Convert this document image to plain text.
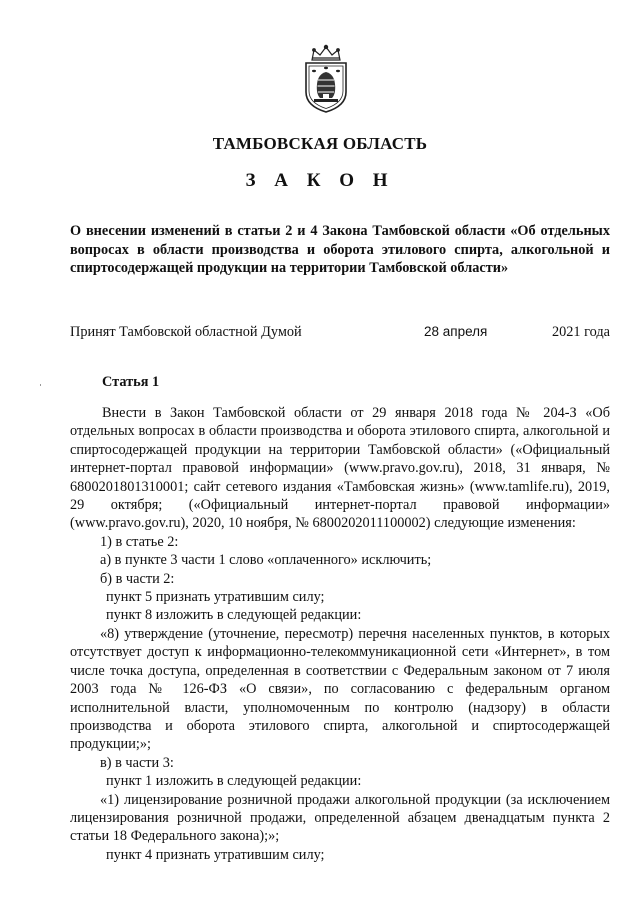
ТАМБОВСКАЯ ОБЛАСТЬ
З А К О Н
О внесении изменений в статьи 2 и 4 Закона Тамбовской области «Об отдельных вопросах в области производства и оборота этилового спирта, алкогольной и спиртосодержащей продукции на территории Тамбовской области»
Принят Тамбовской областной Думой	28 апреля	2021 года
Статья 1

Внести в Закон Тамбовской области от 29 января 2018 года № 204-З «Об отдельных вопросах в области производства и оборота этилового спирта, алкогольной и спиртосодержащей продукции на территории Тамбовской области» («Официальный интернет-портал правовой информации» (www.pravo.gov.ru), 2018, 31 января, № 6800201801310001; сайт сетевого издания «Тамбовская жизнь» (www.tamlife.ru), 2019, 29 октября; («Официальный интернет-портал правовой информации» (www.pravo.gov.ru), 2020, 10 ноября, № 6800202011100002) следующие изменения:

1) в статье 2:

а) в пункте 3 части 1 слово «оплаченного» исключить;

б) в части 2:

пункт 5 признать утратившим силу;

пункт 8 изложить в следующей редакции:

«8) утверждение (уточнение, пересмотр) перечня населенных пунктов, в которых отсутствует доступ к информационно-телекоммуникационной сети «Интернет», в том числе точка доступа, определенная в соответствии с Федеральным законом от 7 июля 2003 года № 126-ФЗ «О связи», по согласованию с федеральным органом исполнительной власти, уполномоченным по контролю (надзору) в области производства и оборота этилового спирта, алкогольной и спиртосодержащей продукции;»;

в) в части 3:

пункт 1 изложить в следующей редакции:

«1) лицензирование розничной продажи алкогольной продукции (за исключением лицензирования розничной продажи, определенной абзацем двенадцатым пункта 2 статьи 18 Федерального закона);»;

пункт 4 признать утратившим силу;
